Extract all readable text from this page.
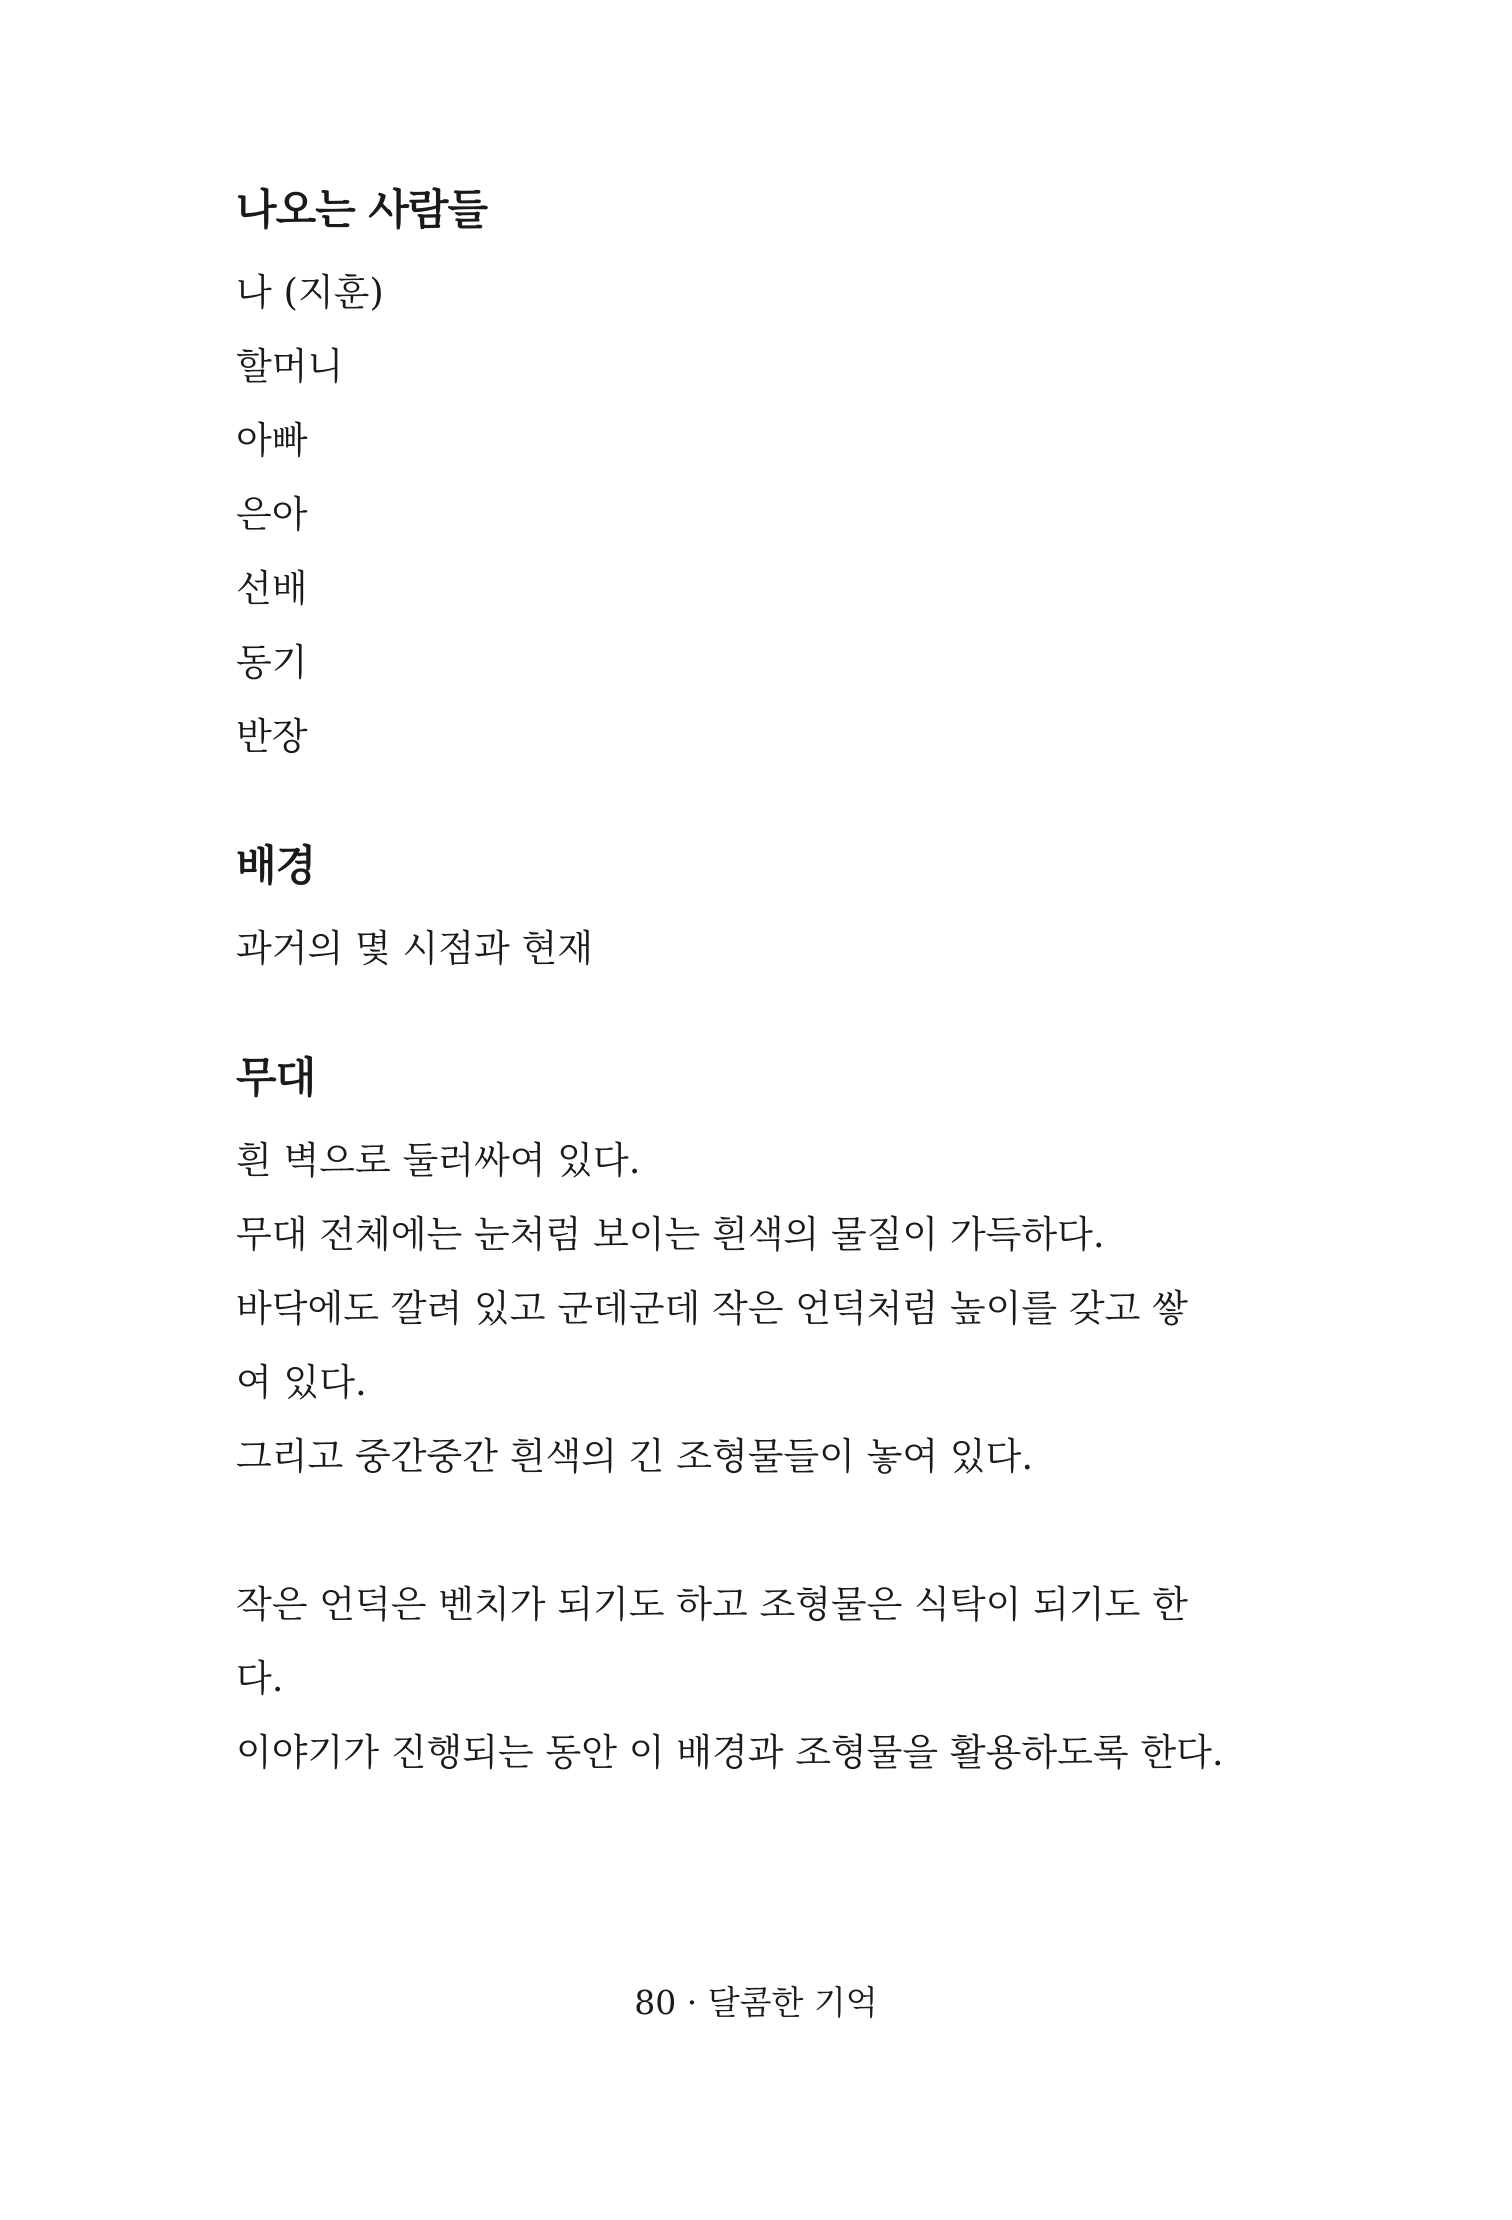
나오는 사람들

나 (지훈)

할머니

아빠

은아

선배

동기

반장

배경

과거의 몇 시점과 현재

무대

흰 벽으로 둘러싸여 있다.

무대 전체에는 눈처럼 보이는 흰색의 물질이 가득하다.

바닥에도 깔려 있고 군데군데 작은 언덕처럼 높이를 갖고 쌓

여 있다.

그리고 중간중간 흰색의 긴 조형물들이 놓여 있다.

작은 언덕은 벤치가 되기도 하고 조형물은 식탁이 되기도 한

다.

이야기가 진행되는 동안 이 배경과 조형물을 활용하도록 한다.

80 · 달콤한 기억
